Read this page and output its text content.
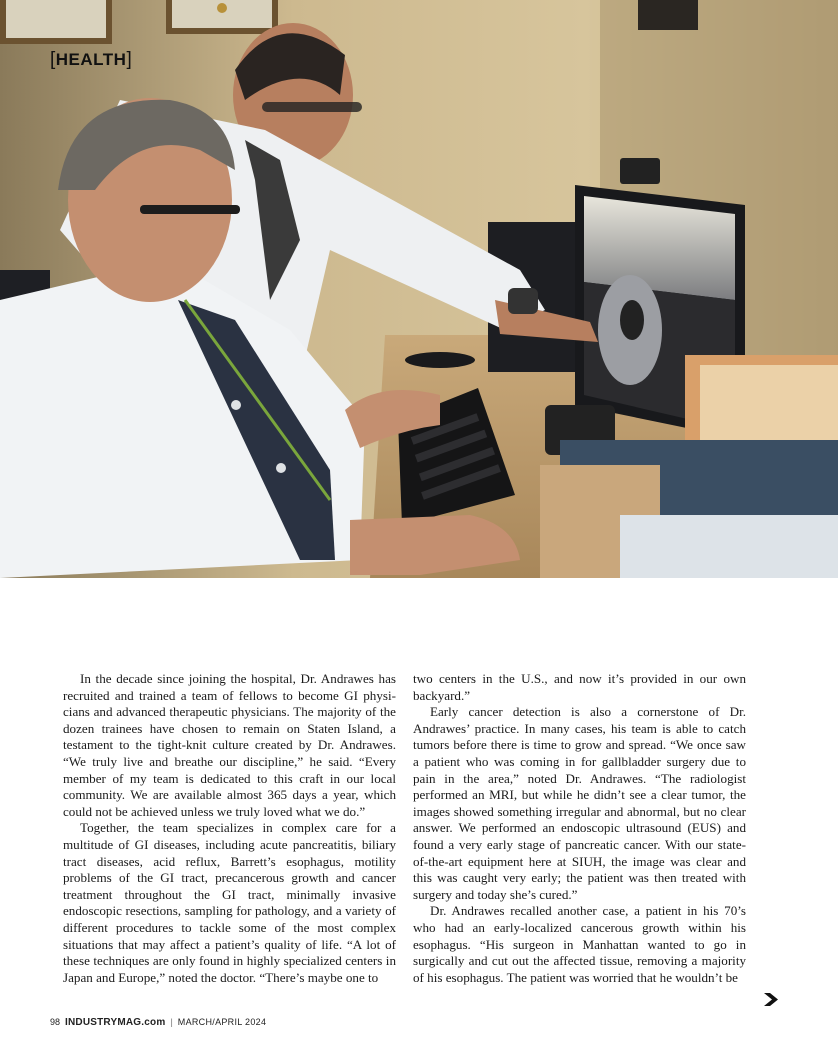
[HEALTH]

In the decade since joining the hospital, Dr. Andrawes has recruited and trained a team of fellows to become GI physicians and advanced therapeutic physicians. The majority of the dozen trainees have chosen to remain on Staten Island, a testament to the tight-knit culture created by Dr. Andrawes. “We truly live and breathe our discipline,” he said. “Every member of my team is dedicated to this craft in our local community. We are available almost 365 days a year, which could not be achieved unless we truly loved what we do.”

Together, the team specializes in complex care for a multitude of GI diseases, including acute pancreatitis, biliary tract diseases, acid reflux, Barrett’s esophagus, motility problems of the GI tract, precancerous growth and cancer treatment throughout the GI tract, minimally invasive endoscopic resections, sampling for pathology, and a variety of different procedures to tackle some of the most complex situations that may affect a patient’s quality of life. “A lot of these techniques are only found in highly specialized centers in Japan and Europe,” noted the doctor. “There’s maybe one to

two centers in the U.S., and now it’s provided in our own backyard.”

Early cancer detection is also a cornerstone of Dr. Andrawes’ practice. In many cases, his team is able to catch tumors before there is time to grow and spread. “We once saw a patient who was coming in for gallbladder surgery due to pain in the area,” noted Dr. Andrawes. “The radiologist performed an MRI, but while he didn’t see a clear tumor, the images showed something irregular and abnormal, but no clear answer. We performed an endoscopic ultrasound (EUS) and found a very early stage of pancreatic cancer. With our state-of-the-art equipment here at SIUH, the image was clear and this was caught very early; the patient was then treated with surgery and today she’s cured.”

Dr. Andrawes recalled another case, a patient in his 70’s who had an early-localized cancerous growth within his esophagus. “His surgeon in Manhattan wanted to go in surgically and cut out the affected tissue, removing a majority of his esophagus. The patient was worried that he wouldn’t be

98 INDUSTRYMAG.com | MARCH/APRIL 2024
